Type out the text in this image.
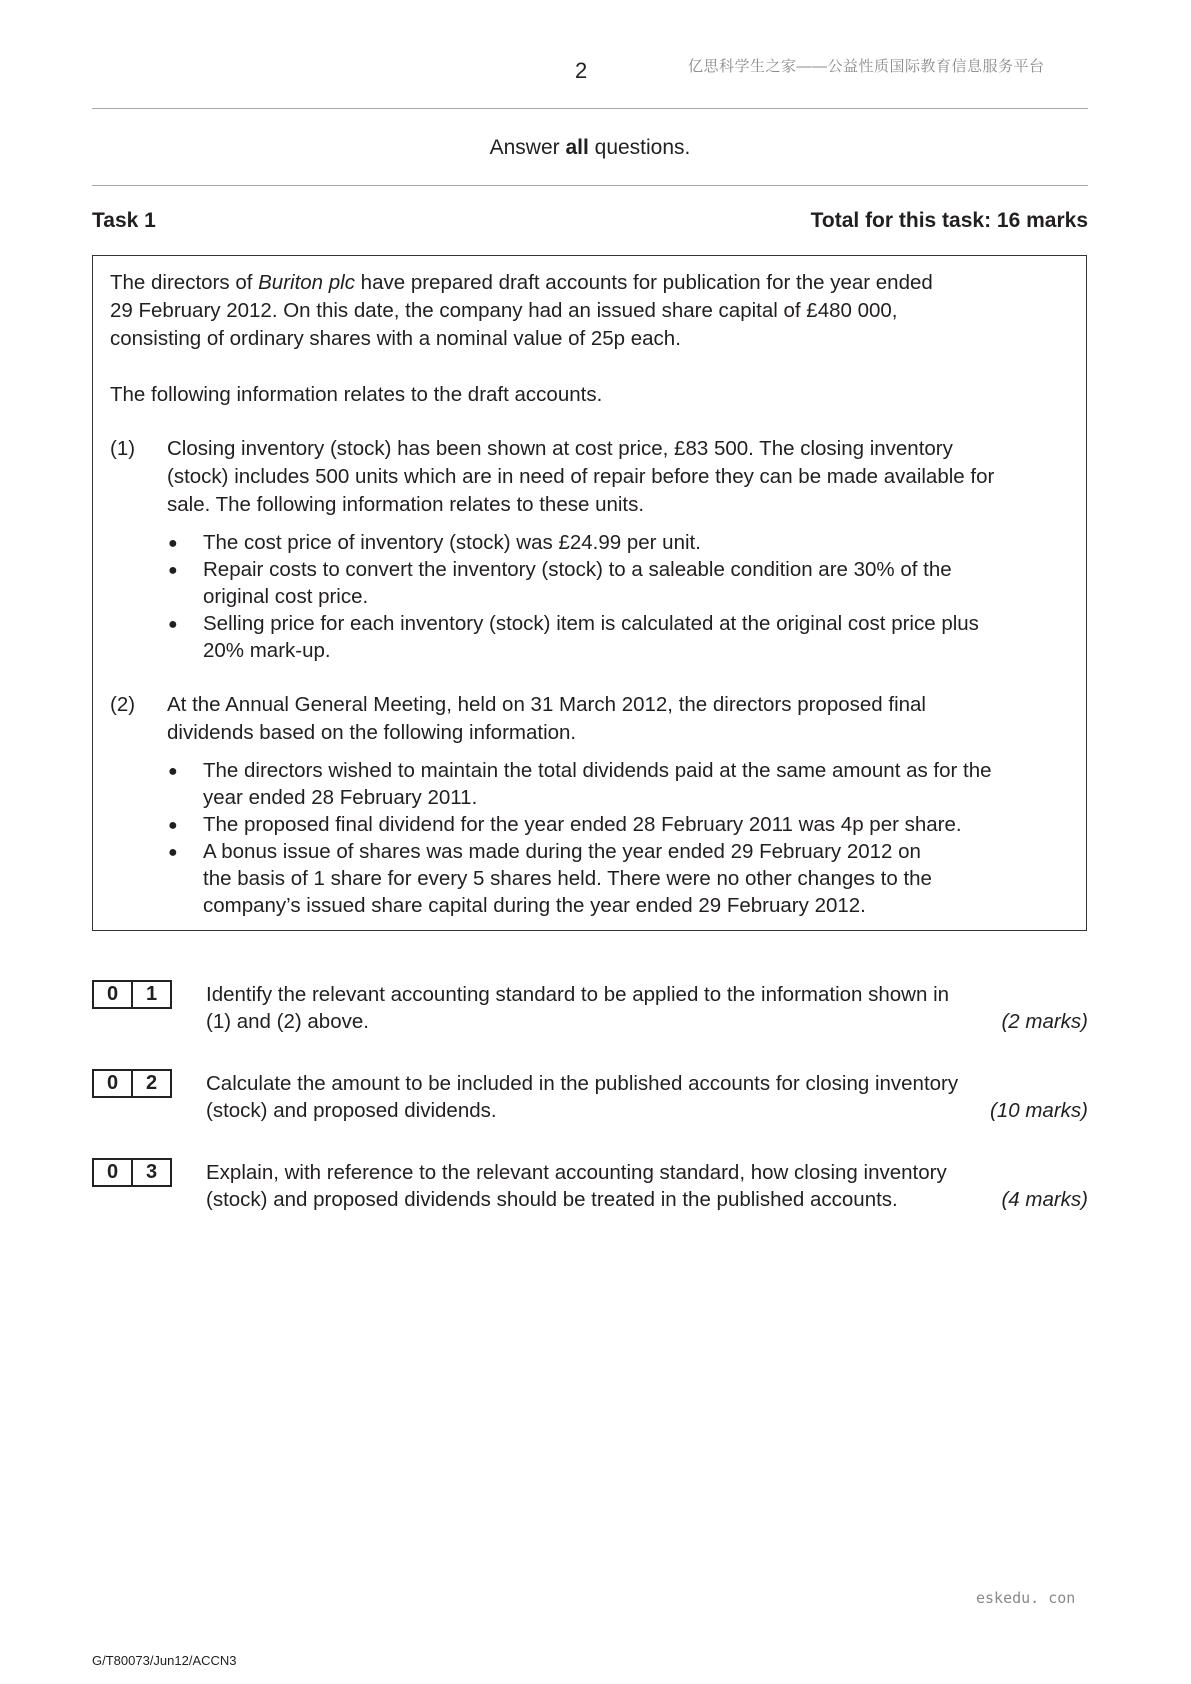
2	亿思科学生之家——公益性质国际教育信息服务平台
Answer all questions.
Task 1	Total for this task: 16 marks
The directors of Buriton plc have prepared draft accounts for publication for the year ended
29 February 2012. On this date, the company had an issued share capital of £480 000,
consisting of ordinary shares with a nominal value of 25p each.
The following information relates to the draft accounts.
(1) Closing inventory (stock) has been shown at cost price, £83 500. The closing inventory
(stock) includes 500 units which are in need of repair before they can be made available for
sale. The following information relates to these units.
● The cost price of inventory (stock) was £24.99 per unit.
● Repair costs to convert the inventory (stock) to a saleable condition are 30% of the
original cost price.
● Selling price for each inventory (stock) item is calculated at the original cost price plus
20% mark-up.
(2) At the Annual General Meeting, held on 31 March 2012, the directors proposed final
dividends based on the following information.
● The directors wished to maintain the total dividends paid at the same amount as for the
year ended 28 February 2011.
● The proposed final dividend for the year ended 28 February 2011 was 4p per share.
● A bonus issue of shares was made during the year ended 29 February 2012 on
the basis of 1 share for every 5 shares held. There were no other changes to the
company’s issued share capital during the year ended 29 February 2012.
0	1	Identify the relevant accounting standard to be applied to the information shown in
(1) and (2) above.	(2 marks)
0	2	Calculate the amount to be included in the published accounts for closing inventory
(stock) and proposed dividends.	(10 marks)
0	3	Explain, with reference to the relevant accounting standard, how closing inventory
(stock) and proposed dividends should be treated in the published accounts.	(4 marks)
eskedu. con
G/T80073/Jun12/ACCN3
